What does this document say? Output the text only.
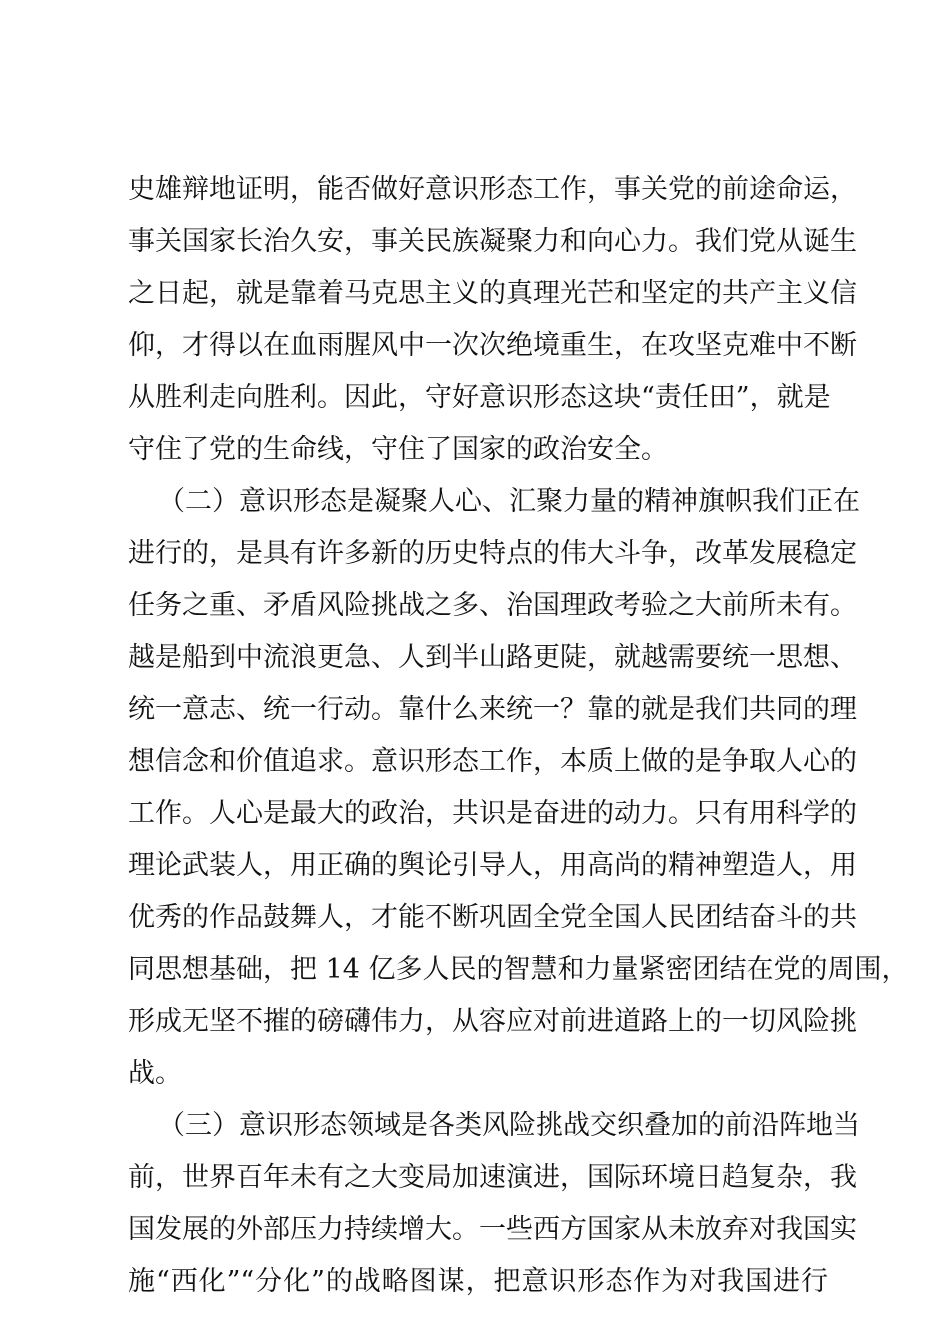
史雄辩地证明，能否做好意识形态工作，事关党的前途命运，
事关国家长治久安，事关民族凝聚力和向心力。我们党从诞生
之日起，就是靠着马克思主义的真理光芒和坚定的共产主义信
仰，才得以在血雨腥风中一次次绝境重生，在攻坚克难中不断
从胜利走向胜利。因此，守好意识形态这块“责任田”，就是
守住了党的生命线，守住了国家的政治安全。
（二）意识形态是凝聚人心、汇聚力量的精神旗帜我们正在
进行的，是具有许多新的历史特点的伟大斗争，改革发展稳定
任务之重、矛盾风险挑战之多、治国理政考验之大前所未有。
越是船到中流浪更急、人到半山路更陡，就越需要统一思想、
统一意志、统一行动。靠什么来统一？靠的就是我们共同的理
想信念和价值追求。意识形态工作，本质上做的是争取人心的
工作。人心是最大的政治，共识是奋进的动力。只有用科学的
理论武装人，用正确的舆论引导人，用高尚的精神塑造人，用
优秀的作品鼓舞人，才能不断巩固全党全国人民团结奋斗的共
同思想基础，把 14 亿多人民的智慧和力量紧密团结在党的周围，
形成无坚不摧的磅礴伟力，从容应对前进道路上的一切风险挑
战。
（三）意识形态领域是各类风险挑战交织叠加的前沿阵地当
前，世界百年未有之大变局加速演进，国际环境日趋复杂，我
国发展的外部压力持续增大。一些西方国家从未放弃对我国实
施“西化”“分化”的战略图谋，把意识形态作为对我国进行
